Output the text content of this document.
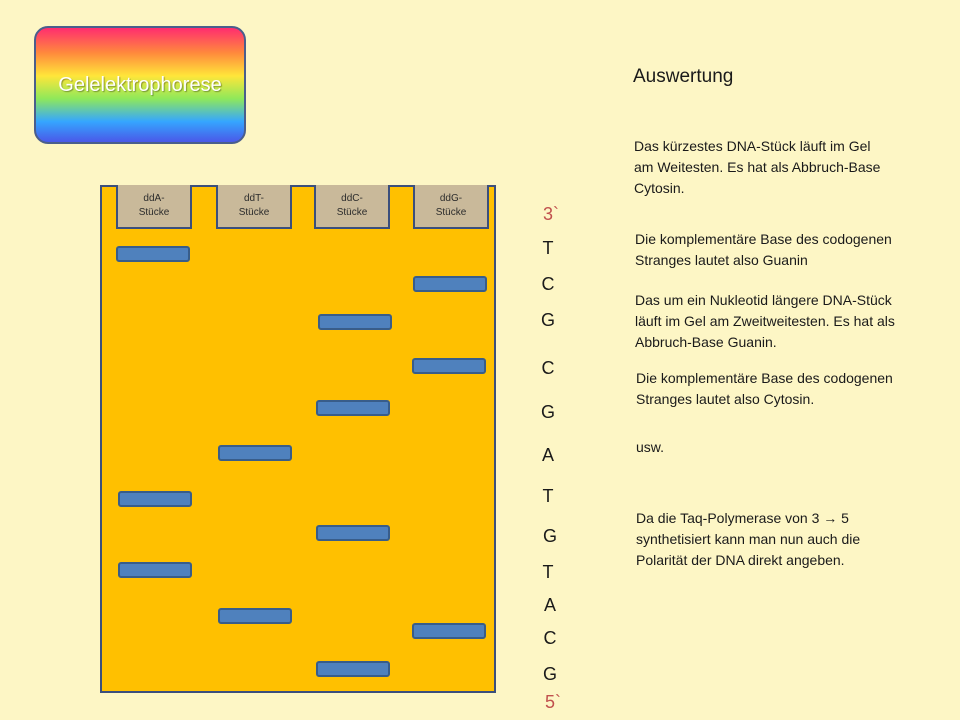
Gelelektrophorese	Auswertung
ddA-
Stücke
ddT-
Stücke
ddC-
Stücke
ddG-
Stücke	3`
T
C
G
C
G
A
T
G
T
A
C
G
5`
Das kürzestes DNA-Stück läuft im Gel
am Weitesten. Es hat als Abbruch-Base
Cytosin.
Die komplementäre Base des codogenen
Stranges lautet also Guanin
Das um ein Nukleotid längere DNA-Stück
läuft im Gel am Zweitweitesten. Es hat als
Abbruch-Base Guanin.
Die komplementäre Base des codogenen
Stranges lautet also Cytosin.
usw.
Da die Taq-Polymerase von 3 → 5
synthetisiert kann man nun auch die
Polarität der DNA direkt angeben.
